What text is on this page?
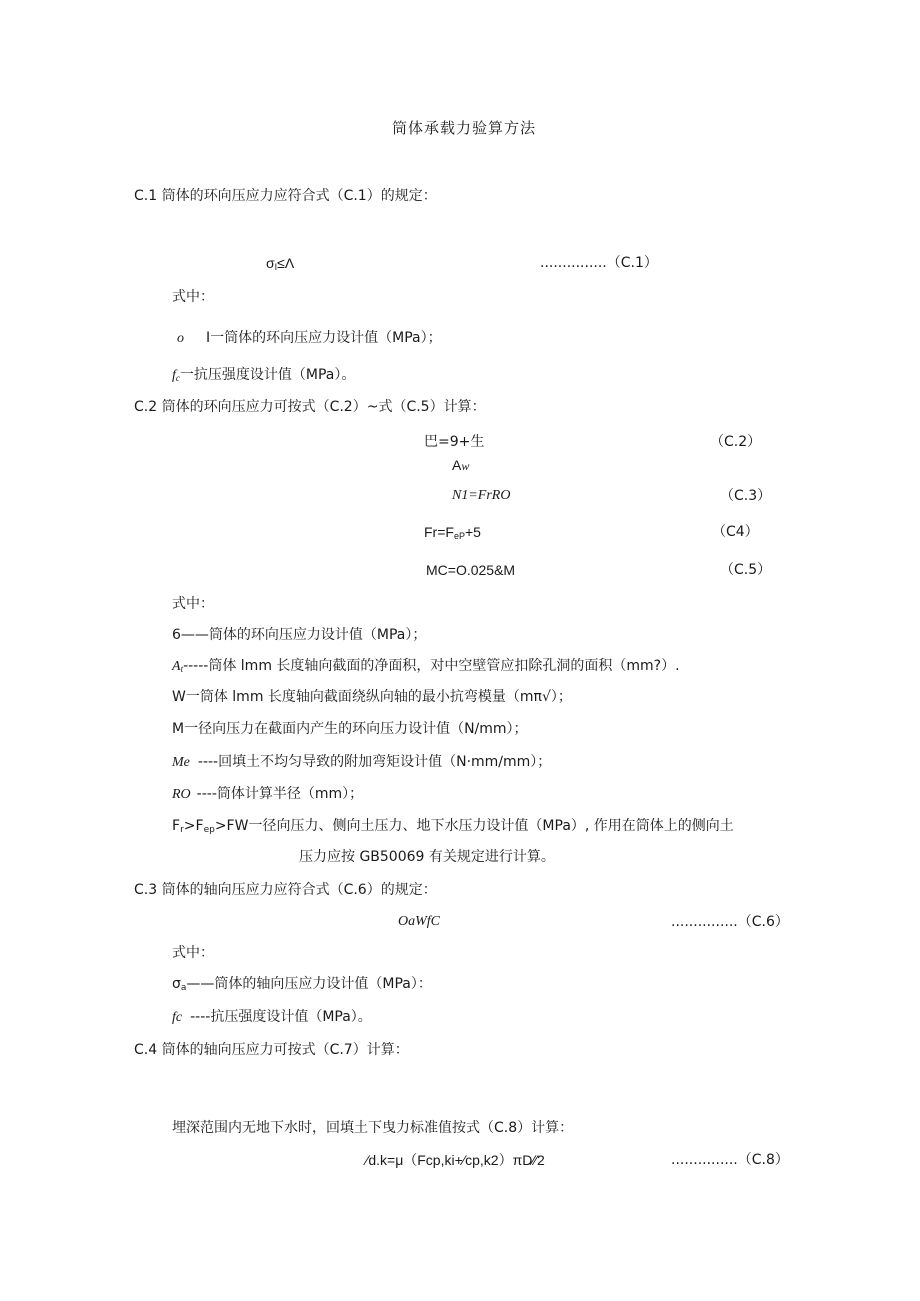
筒体承载力验算方法
C.1 筒体的环向压应力应符合式（C.1）的规定：
$\sigma_I\le\Lambda$	...............（C.1）
式中：
o I一筒体的环向压应力设计值（MPa）；
$f_c$一抗压强度设计值（MPa）。
C.2 筒体的环向压应力可按式（C.2）~式（C.5）计算：
巴=9+生
Aw
（C.2）
N1=FrRO	（C.3）
$Fr=F_{eP}+5$	（C4）
MC=O.025&M	（C.5）
式中：
6——筒体的环向压应力设计值（MPa）；
$A_t-----$筒体 lmm 长度轴向截面的净面积，对中空壁管应扣除孔洞的面积（mm?）.
W一筒体 lmm 长度轴向截面绕纵向轴的最小抗弯模量（mπ√）；
M一径向压力在截面内产生的环向压力设计值（N∕mm）；
Me ----回填土不均匀导致的附加弯矩设计值（N·mm∕mm）；
RO ----筒体计算半径（mm）；
$F_r>F_{ep}>FW$一径向压力、侧向土压力、地下水压力设计值（MPa）, 作用在筒体上的侧向土
压力应按 GB50069 有关规定进行计算。
C.3 筒体的轴向压应力应符合式（C.6）的规定：
OaWfC	...............（C.6）
式中：
$\sigma_a——$筒体的轴向压应力设计值（MPa）：
fc ----抗压强度设计值（MPa）。
C.4 筒体的轴向压应力可按式（C.7）计算：
埋深范围内无地下水时，回填土下曳力标准值按式（C.8）计算：
∕d.k=μ（Fcp,ki+∕cp,k2）πD∕∕2	...............（C.8）
